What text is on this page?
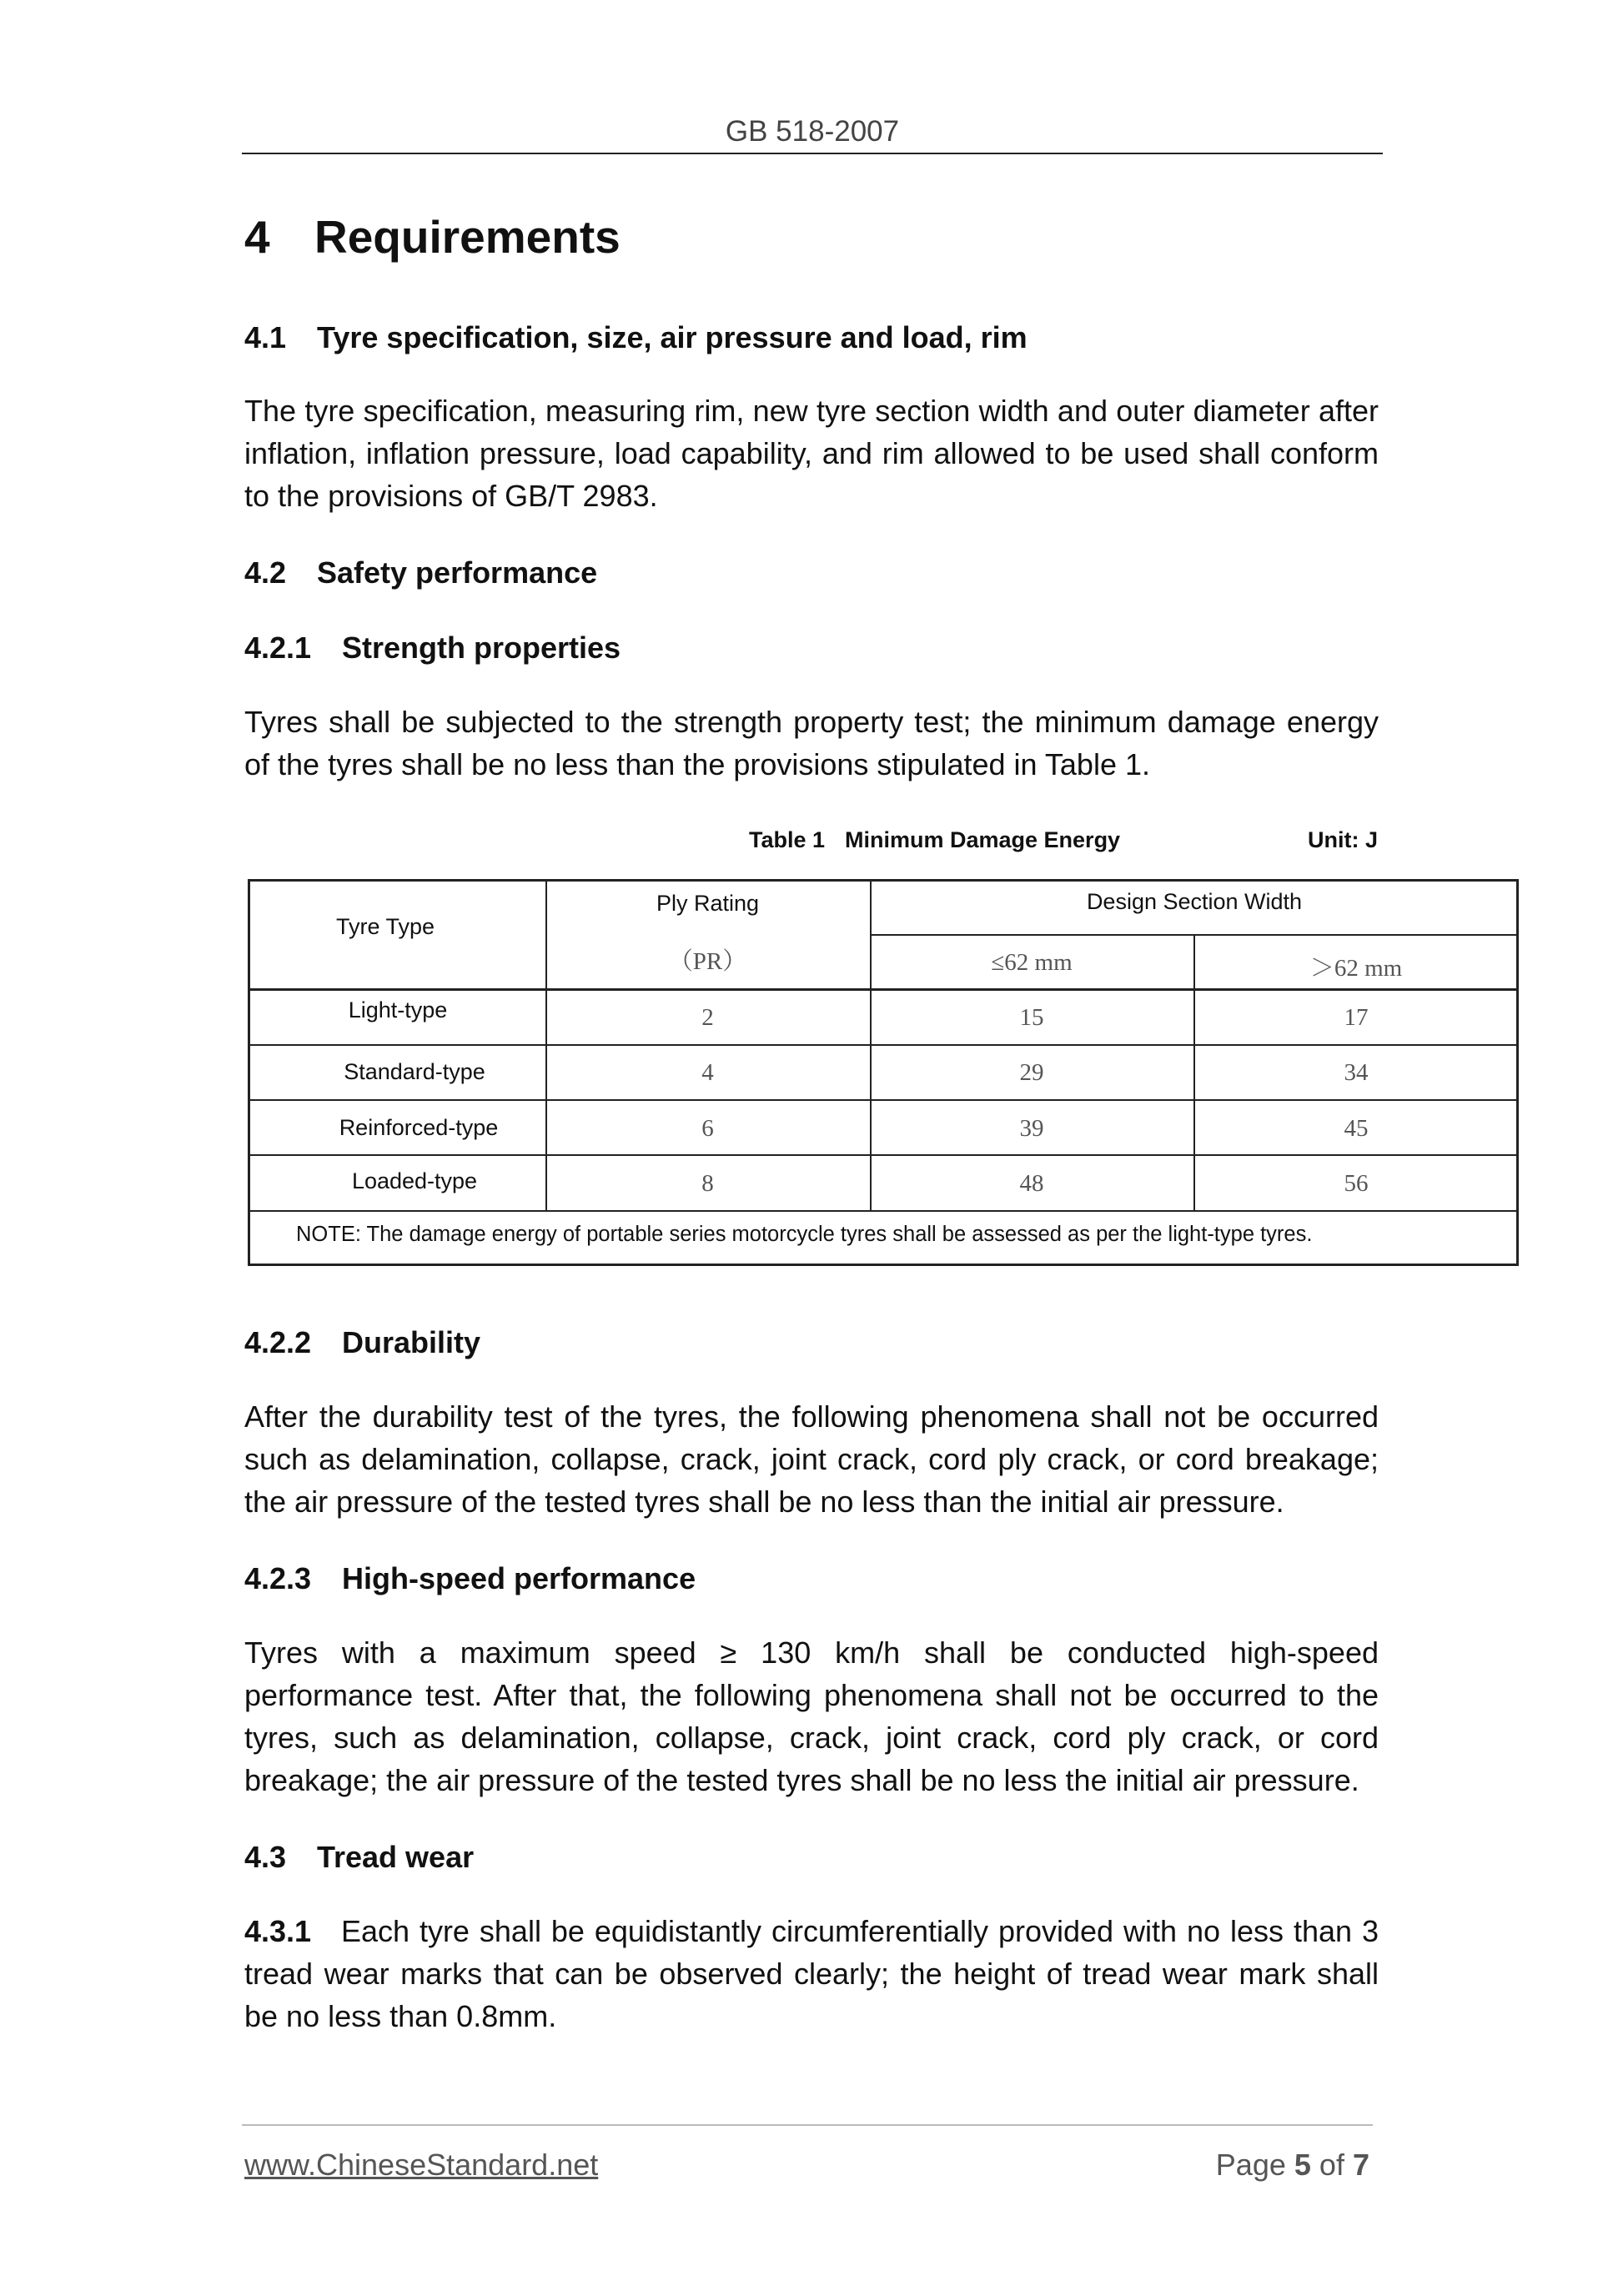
GB 518-2007
4 Requirements
4.1 Tyre specification, size, air pressure and load, rim

The tyre specification, measuring rim, new tyre section width and outer diameter after inflation, inflation pressure, load capability, and rim allowed to be used shall conform to the provisions of GB/T 2983.

4.2 Safety performance
4.2.1 Strength properties

Tyres shall be subjected to the strength property test; the minimum damage energy of the tyres shall be no less than the provisions stipulated in Table 1.

Table 1 Minimum Damage Energy	Unit: J
Tyre Type
Ply Rating
（PR）
Design Section Width
≤62 mm	＞62 mm
Light-type	2	15	17
Standard-type	4	29	34
Reinforced-type	6	39	45
Loaded-type	8	48	56
NOTE: The damage energy of portable series motorcycle tyres shall be assessed as per the light-type tyres.
4.2.2 Durability

After the durability test of the tyres, the following phenomena shall not be occurred such as delamination, collapse, crack, joint crack, cord ply crack, or cord breakage; the air pressure of the tested tyres shall be no less than the initial air pressure.

4.2.3 High-speed performance

Tyres with a maximum speed ≥ 130 km/h shall be conducted high-speed performance test. After that, the following phenomena shall not be occurred to the tyres, such as delamination, collapse, crack, joint crack, cord ply crack, or cord breakage; the air pressure of the tested tyres shall be no less the initial air pressure.

4.3 Tread wear

4.3.1 Each tyre shall be equidistantly circumferentially provided with no less than 3 tread wear marks that can be observed clearly; the height of tread wear mark shall be no less than 0.8mm.

www.ChineseStandard.net	Page 5 of 7
